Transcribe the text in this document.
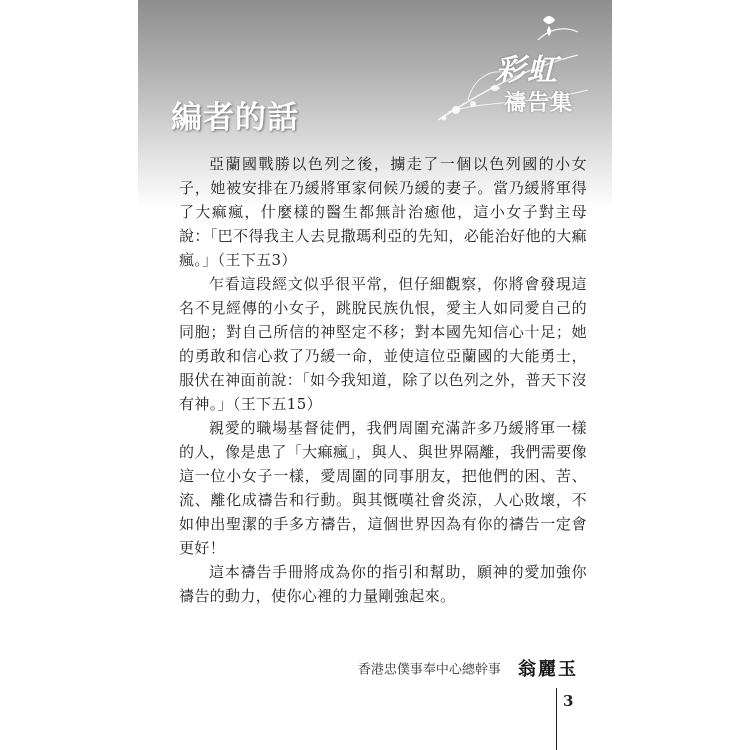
彩虹
禱告集
編者的話

亞蘭國戰勝以色列之後，擄走了一個以色列國的小女子，她被安排在乃緩將軍家伺候乃緩的妻子。當乃緩將軍得了大痲瘋，什麼樣的醫生都無計治癒他，這小女子對主母說：「巴不得我主人去見撒瑪利亞的先知，必能治好他的大痲瘋。」（王下五3）

乍看這段經文似乎很平常，但仔細觀察，你將會發現這名不見經傳的小女子，跳脫民族仇恨，愛主人如同愛自己的同胞；對自己所信的神堅定不移；對本國先知信心十足；她的勇敢和信心救了乃緩一命，並使這位亞蘭國的大能勇士，服伏在神面前說：「如今我知道，除了以色列之外，普天下沒有神。」（王下五15）

親愛的職場基督徒們，我們周圍充滿許多乃緩將軍一樣的人，像是患了「大痲瘋」，與人、與世界隔離，我們需要像這一位小女子一樣，愛周圍的同事朋友，把他們的困、苦、流、離化成禱告和行動。與其慨嘆社會炎涼，人心敗壞，不如伸出聖潔的手多方禱告，這個世界因為有你的禱告一定會更好！

這本禱告手冊將成為你的指引和幫助，願神的愛加強你禱告的動力，使你心裡的力量剛強起來。

香港忠僕事奉中心總幹事 翁麗玉
3
